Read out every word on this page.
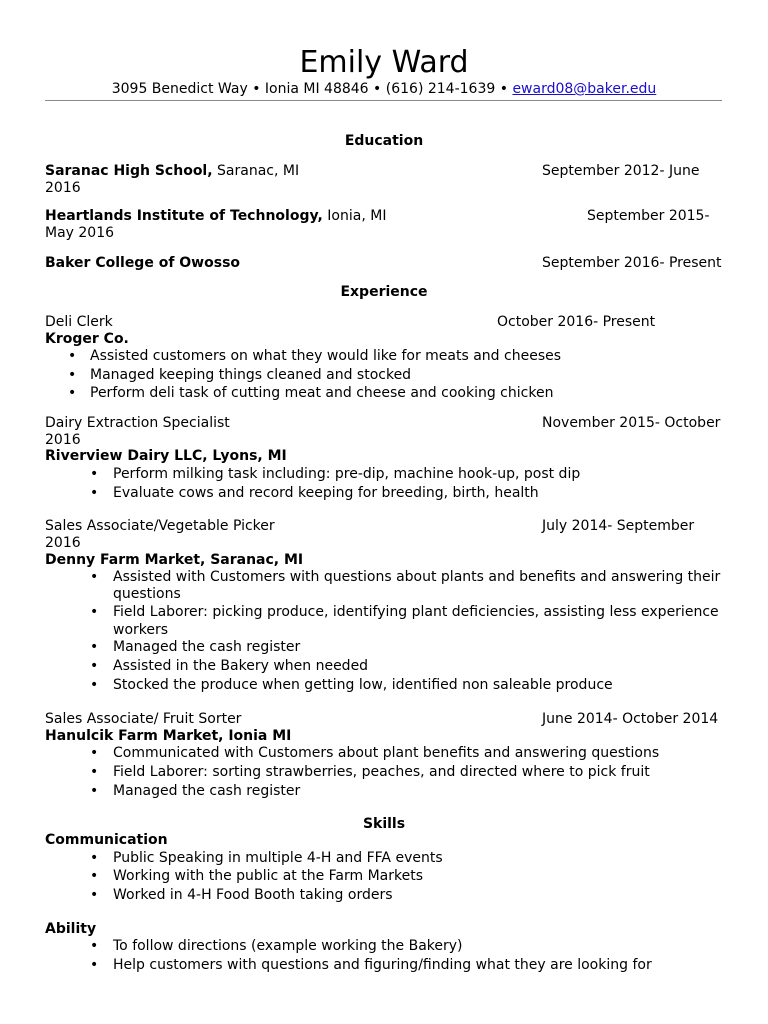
Emily Ward
3095 Benedict Way • Ionia MI 48846 • (616) 214-1639 • eward08@baker.edu
Education
Saranac High School, Saranac, MI	September 2012- June
2016
Heartlands Institute of Technology, Ionia, MI	September 2015-
May 2016
Baker College of Owosso	September 2016- Present
Experience
Deli Clerk	October 2016- Present
Kroger Co.
• Assisted customers on what they would like for meats and cheeses
• Managed keeping things cleaned and stocked
• Perform deli task of cutting meat and cheese and cooking chicken
Dairy Extraction Specialist	November 2015- October
2016
Riverview Dairy LLC, Lyons, MI
• Perform milking task including: pre-dip, machine hook-up, post dip
• Evaluate cows and record keeping for breeding, birth, health
Sales Associate/Vegetable Picker	July 2014- September
2016
Denny Farm Market, Saranac, MI
• Assisted with Customers with questions about plants and benefits and answering their
questions
• Field Laborer: picking produce, identifying plant deficiencies, assisting less experience
workers
• Managed the cash register
• Assisted in the Bakery when needed
• Stocked the produce when getting low, identified non saleable produce
Sales Associate/ Fruit Sorter	June 2014- October 2014
Hanulcik Farm Market, Ionia MI
• Communicated with Customers about plant benefits and answering questions
• Field Laborer: sorting strawberries, peaches, and directed where to pick fruit
• Managed the cash register
Skills
Communication
• Public Speaking in multiple 4-H and FFA events
• Working with the public at the Farm Markets
• Worked in 4-H Food Booth taking orders
Ability
• To follow directions (example working the Bakery)
• Help customers with questions and figuring/finding what they are looking for
